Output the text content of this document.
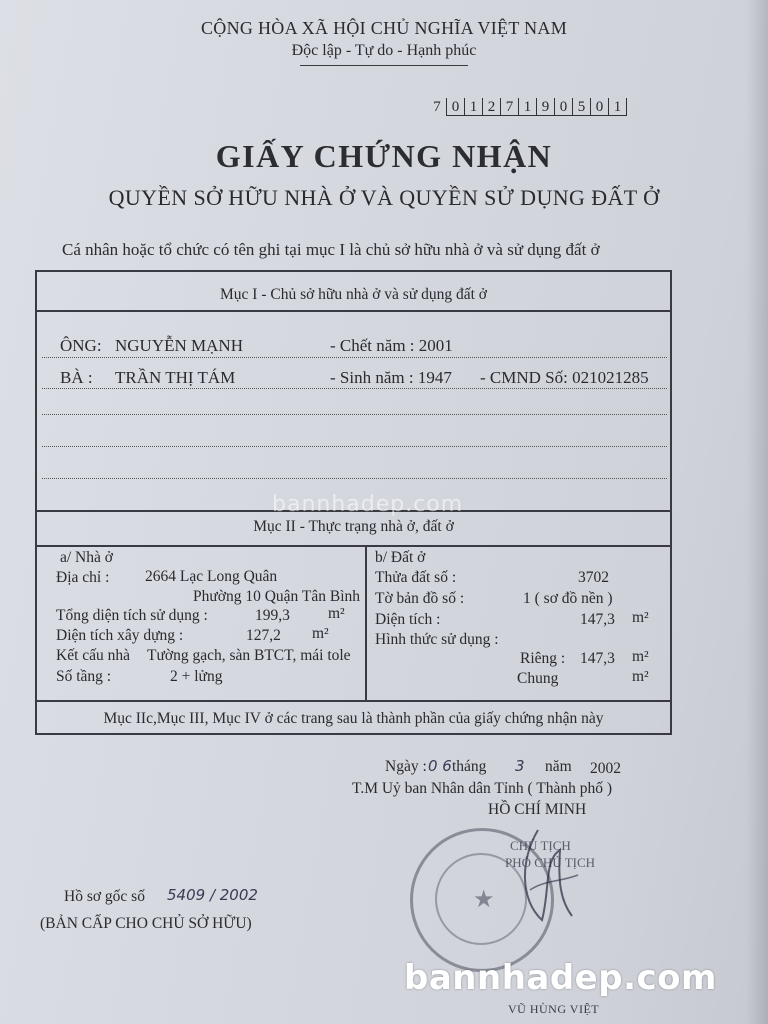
CỘNG HÒA XÃ HỘI CHỦ NGHĨA VIỆT NAM
Độc lập - Tự do - Hạnh phúc
7 0 1 2 7 1 9 0 5 0 1
GIẤY CHỨNG NHẬN
QUYỀN SỞ HỮU NHÀ Ở VÀ QUYỀN SỬ DỤNG ĐẤT Ở
Cá nhân hoặc tổ chức có tên ghi tại mục I là chủ sở hữu nhà ở và sử dụng đất ở
Mục I - Chủ sở hữu nhà ở và sử dụng đất ở
ÔNG: NGUYỄN MẠNH	- Chết năm : 2001
BÀ : TRẦN THỊ TÁM	- Sinh năm : 1947 - CMND Số: 021021285
bannhadep.com
Mục II - Thực trạng nhà ở, đất ở
a/ Nhà ở
Địa chỉ : 2664 Lạc Long Quân
Phường 10 Quận Tân Bình
Tổng diện tích sử dụng :	199,3 m²
Diện tích xây dựng :	127,2 m²
Kết cấu nhà Tường gạch, sàn BTCT, mái tole
Số tầng :	2 + lửng
b/ Đất ở
Thửa đất số :	3702
Tờ bản đồ số :	1 ( sơ đồ nền )
Diện tích :	147,3 m²
Hình thức sử dụng :
Riêng : 147,3 m²
Chung	m²
Mục IIc,Mục III, Mục IV ở các trang sau là thành phần của giấy chứng nhận này
Ngày : 0 6 tháng 3 năm 2002
T.M Uỷ ban Nhân dân Tỉnh ( Thành phố )
HỒ CHÍ MINH
CHỦ TỊCH
PHÓ CHỦ TỊCH
★
VŨ HÙNG VIỆT
Hồ sơ gốc số 5409 / 2002
(BẢN CẤP CHO CHỦ SỞ HỮU)
bannhadep.com
